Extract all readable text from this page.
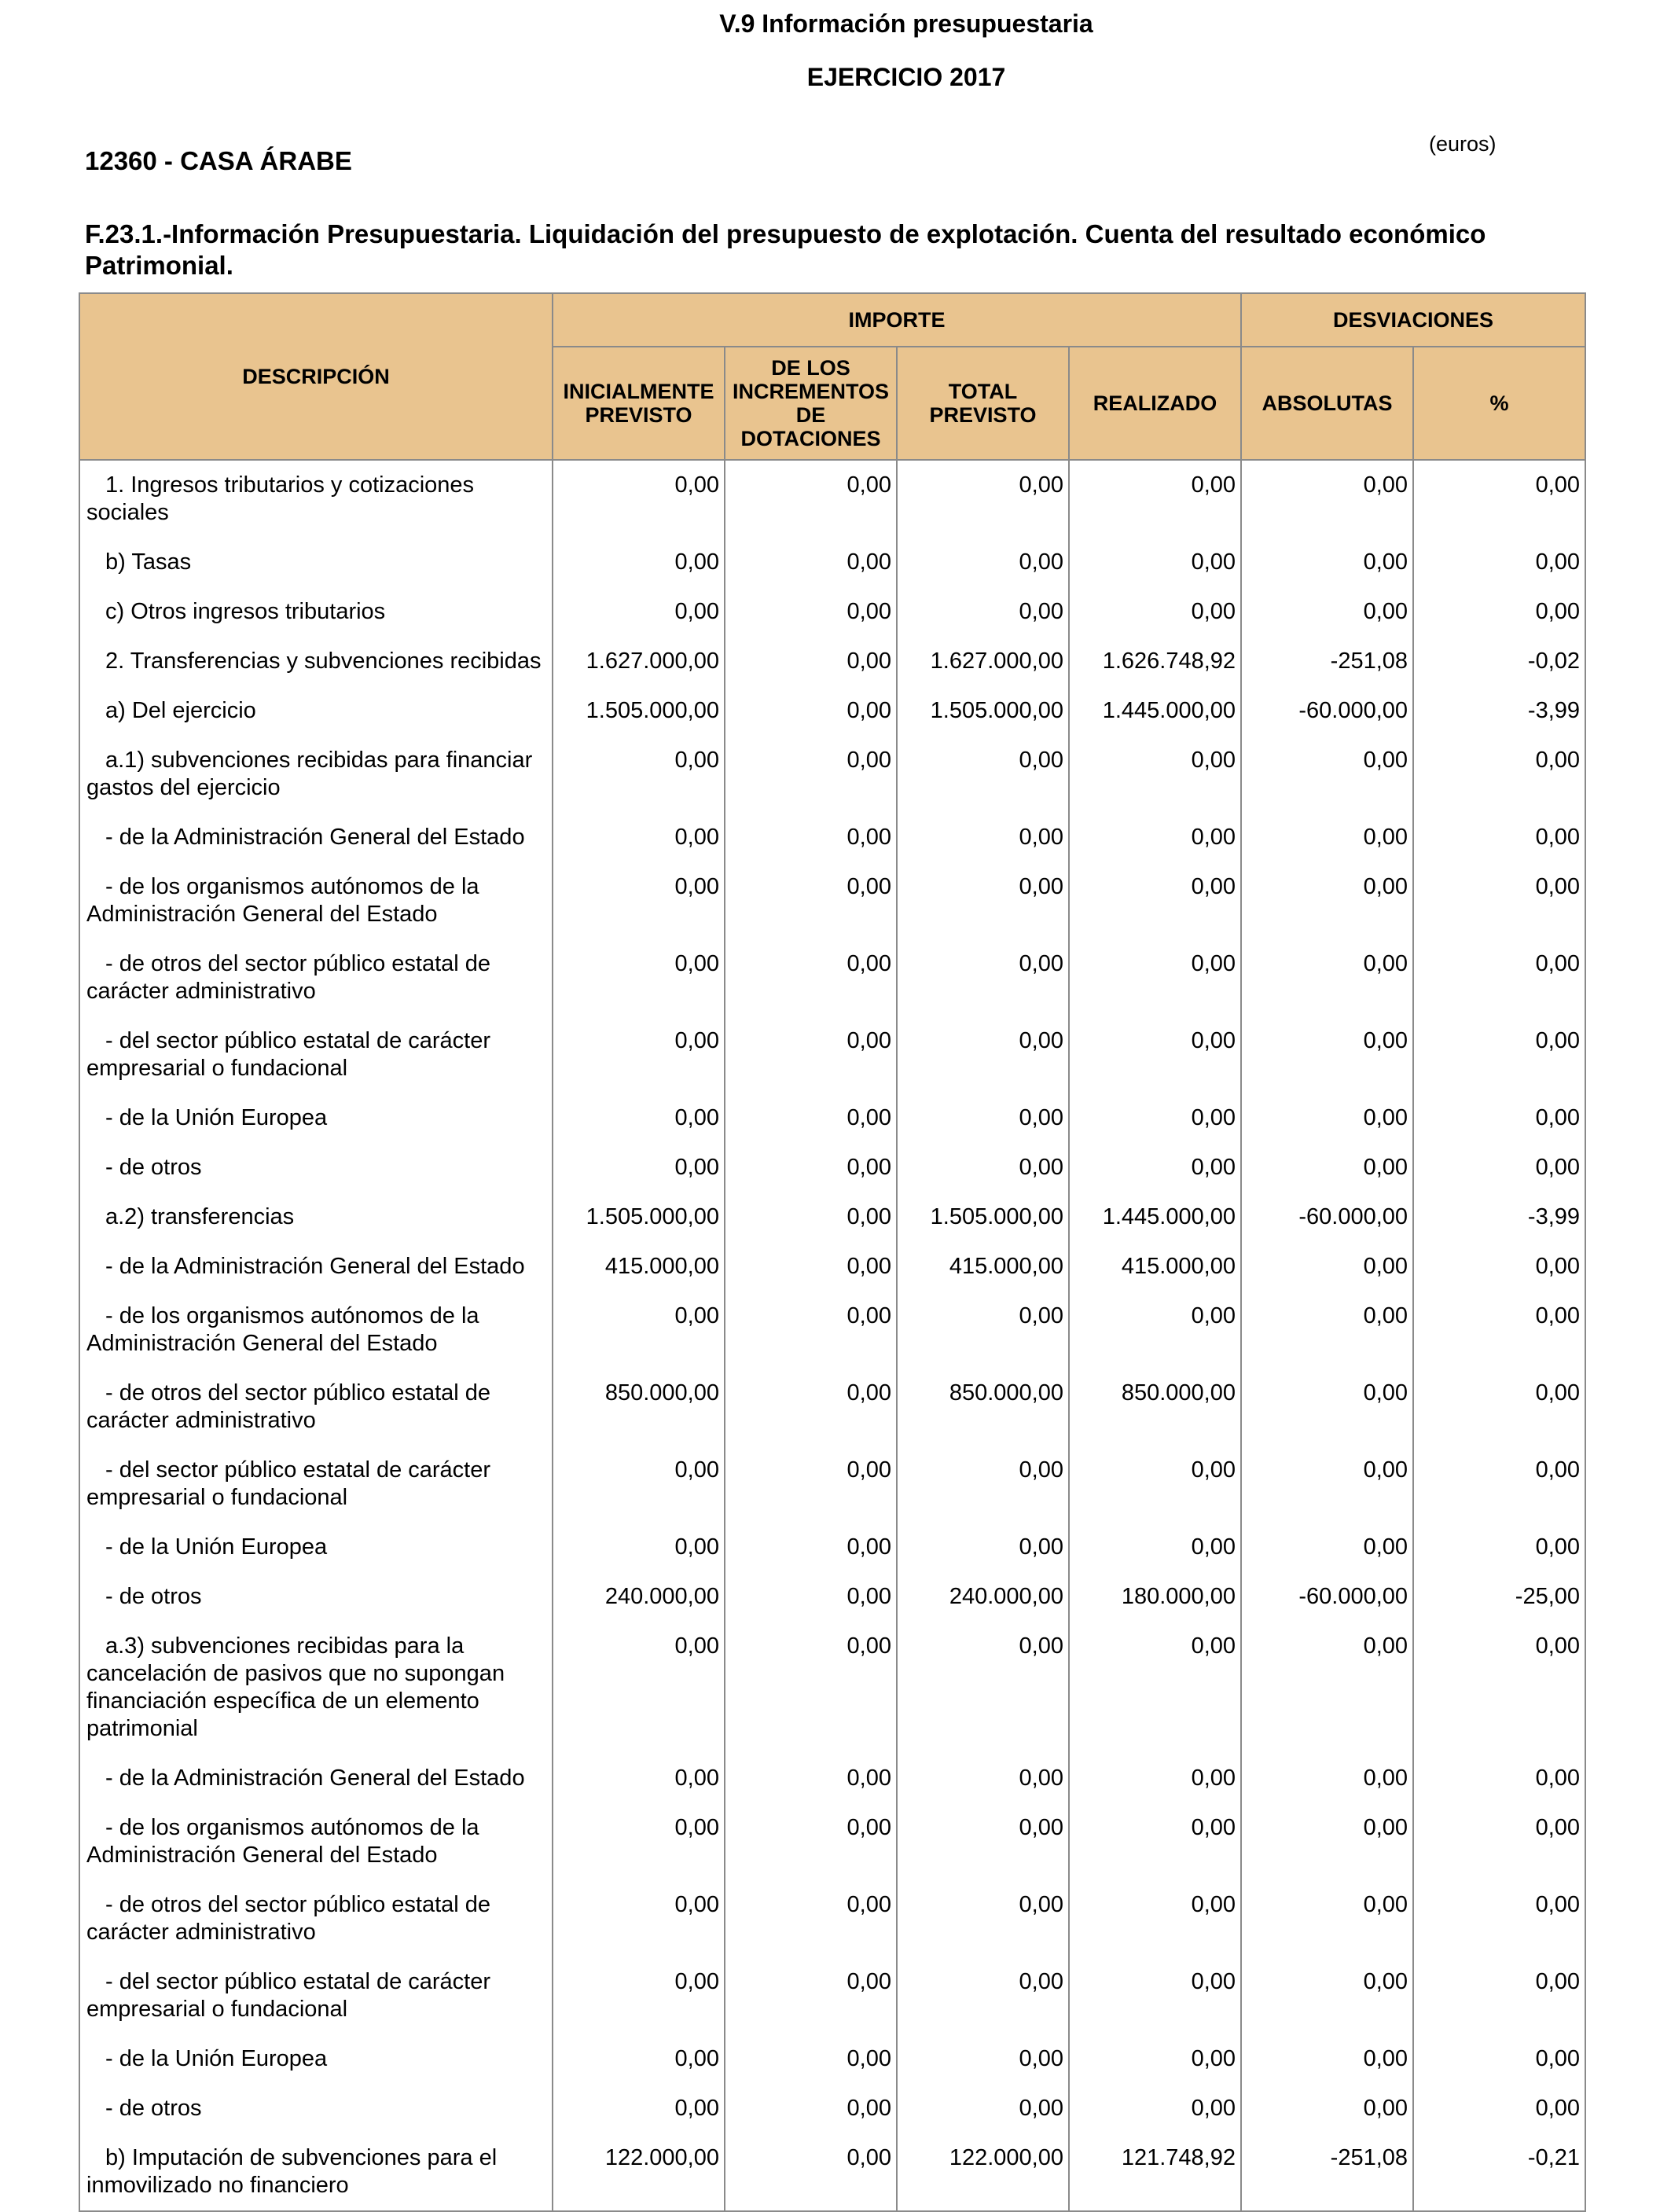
V.9 Información presupuestaria
EJERCICIO 2017
12360 - CASA ÁRABE
(euros)
F.23.1.-Información Presupuestaria. Liquidación del presupuesto de explotación. Cuenta del resultado económico Patrimonial.
DESCRIPCIÓN	IMPORTE				DESVIACIONES	
	INICIALMENTE PREVISTO	DE LOS INCREMENTOS DE DOTACIONES	TOTAL PREVISTO	REALIZADO	ABSOLUTAS	%
1. Ingresos tributarios y cotizaciones sociales	0,00	0,00	0,00	0,00	0,00	0,00
b) Tasas	0,00	0,00	0,00	0,00	0,00	0,00
c) Otros ingresos tributarios	0,00	0,00	0,00	0,00	0,00	0,00
2. Transferencias y subvenciones recibidas	1.627.000,00	0,00	1.627.000,00	1.626.748,92	-251,08	-0,02
a) Del ejercicio	1.505.000,00	0,00	1.505.000,00	1.445.000,00	-60.000,00	-3,99
a.1) subvenciones recibidas para financiar gastos del ejercicio	0,00	0,00	0,00	0,00	0,00	0,00
- de la Administración General del Estado	0,00	0,00	0,00	0,00	0,00	0,00
- de los organismos autónomos de la Administración General del Estado	0,00	0,00	0,00	0,00	0,00	0,00
- de otros del sector público estatal de carácter administrativo	0,00	0,00	0,00	0,00	0,00	0,00
- del sector público estatal de carácter empresarial o fundacional	0,00	0,00	0,00	0,00	0,00	0,00
- de la Unión Europea	0,00	0,00	0,00	0,00	0,00	0,00
- de otros	0,00	0,00	0,00	0,00	0,00	0,00
a.2) transferencias	1.505.000,00	0,00	1.505.000,00	1.445.000,00	-60.000,00	-3,99
- de la Administración General del Estado	415.000,00	0,00	415.000,00	415.000,00	0,00	0,00
- de los organismos autónomos de la Administración General del Estado	0,00	0,00	0,00	0,00	0,00	0,00
- de otros del sector público estatal de carácter administrativo	850.000,00	0,00	850.000,00	850.000,00	0,00	0,00
- del sector público estatal de carácter empresarial o fundacional	0,00	0,00	0,00	0,00	0,00	0,00
- de la Unión Europea	0,00	0,00	0,00	0,00	0,00	0,00
- de otros	240.000,00	0,00	240.000,00	180.000,00	-60.000,00	-25,00
a.3) subvenciones recibidas para la cancelación de pasivos que no supongan financiación específica de un elemento patrimonial	0,00	0,00	0,00	0,00	0,00	0,00
- de la Administración General del Estado	0,00	0,00	0,00	0,00	0,00	0,00
- de los organismos autónomos de la Administración General del Estado	0,00	0,00	0,00	0,00	0,00	0,00
- de otros del sector público estatal de carácter administrativo	0,00	0,00	0,00	0,00	0,00	0,00
- del sector público estatal de carácter empresarial o fundacional	0,00	0,00	0,00	0,00	0,00	0,00
- de la Unión Europea	0,00	0,00	0,00	0,00	0,00	0,00
- de otros	0,00	0,00	0,00	0,00	0,00	0,00
b) Imputación de subvenciones para el inmovilizado no financiero	122.000,00	0,00	122.000,00	121.748,92	-251,08	-0,21
